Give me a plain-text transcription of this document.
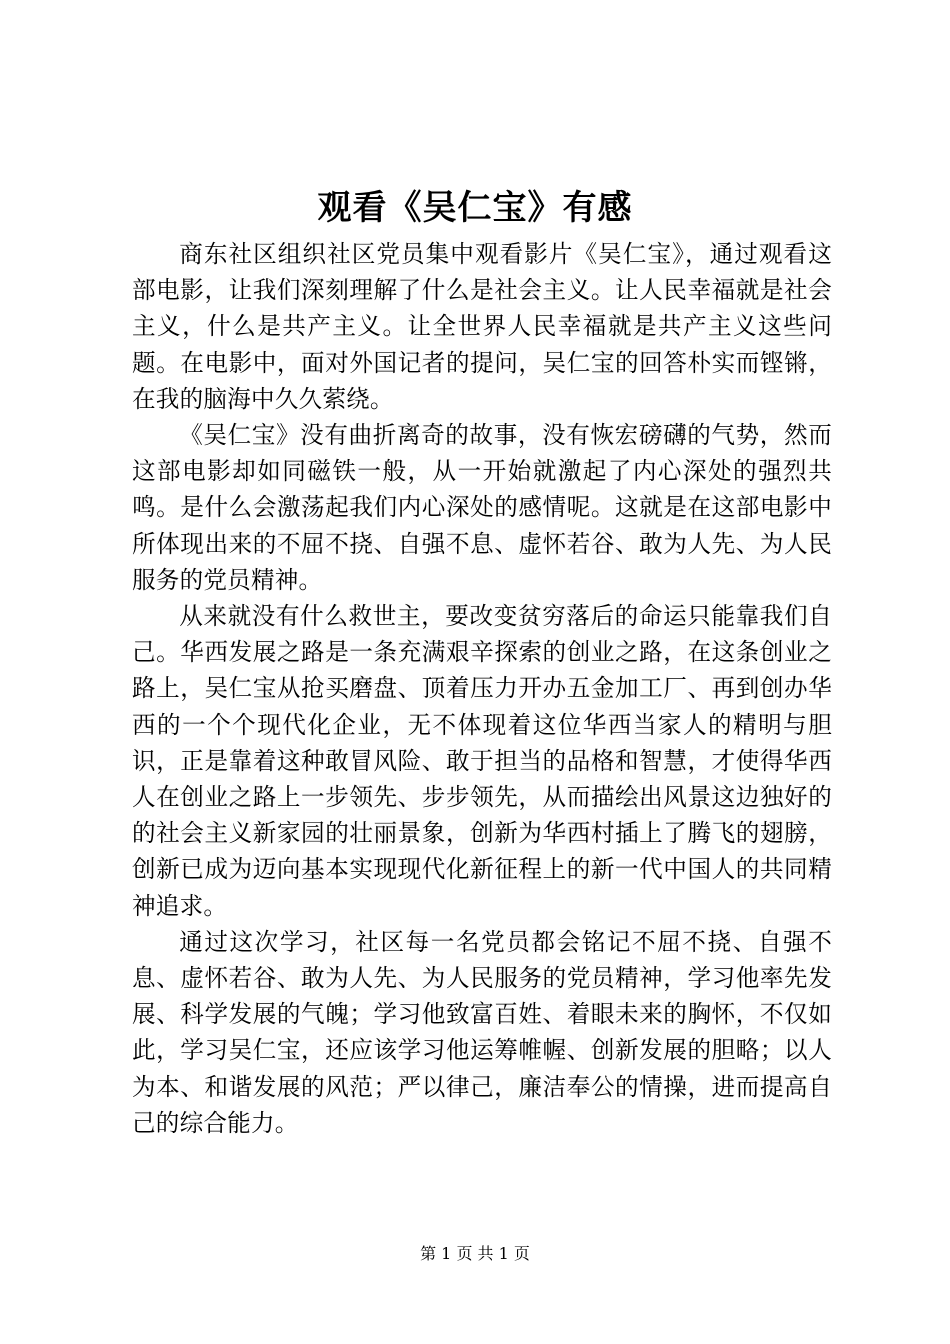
观看《吴仁宝》有感

商东社区组织社区党员集中观看影片《吴仁宝》，通过观看这部电影，让我们深刻理解了什么是社会主义。让人民幸福就是社会主义，什么是共产主义。让全世界人民幸福就是共产主义这些问题。在电影中，面对外国记者的提问，吴仁宝的回答朴实而铿锵，在我的脑海中久久萦绕。

《吴仁宝》没有曲折离奇的故事，没有恢宏磅礴的气势，然而这部电影却如同磁铁一般，从一开始就激起了内心深处的强烈共鸣。是什么会激荡起我们内心深处的感情呢。这就是在这部电影中所体现出来的不屈不挠、自强不息、虚怀若谷、敢为人先、为人民服务的党员精神。

从来就没有什么救世主，要改变贫穷落后的命运只能靠我们自己。华西发展之路是一条充满艰辛探索的创业之路，在这条创业之路上，吴仁宝从抢买磨盘、顶着压力开办五金加工厂、再到创办华西的一个个现代化企业，无不体现着这位华西当家人的精明与胆识，正是靠着这种敢冒风险、敢于担当的品格和智慧，才使得华西人在创业之路上一步领先、步步领先，从而描绘出风景这边独好的的社会主义新家园的壮丽景象，创新为华西村插上了腾飞的翅膀，创新已成为迈向基本实现现代化新征程上的新一代中国人的共同精神追求。

通过这次学习，社区每一名党员都会铭记不屈不挠、自强不息、虚怀若谷、敢为人先、为人民服务的党员精神，学习他率先发展、科学发展的气魄；学习他致富百姓、着眼未来的胸怀，不仅如此，学习吴仁宝，还应该学习他运筹帷幄、创新发展的胆略；以人为本、和谐发展的风范；严以律己，廉洁奉公的情操，进而提高自己的综合能力。

第 1 页 共 1 页
